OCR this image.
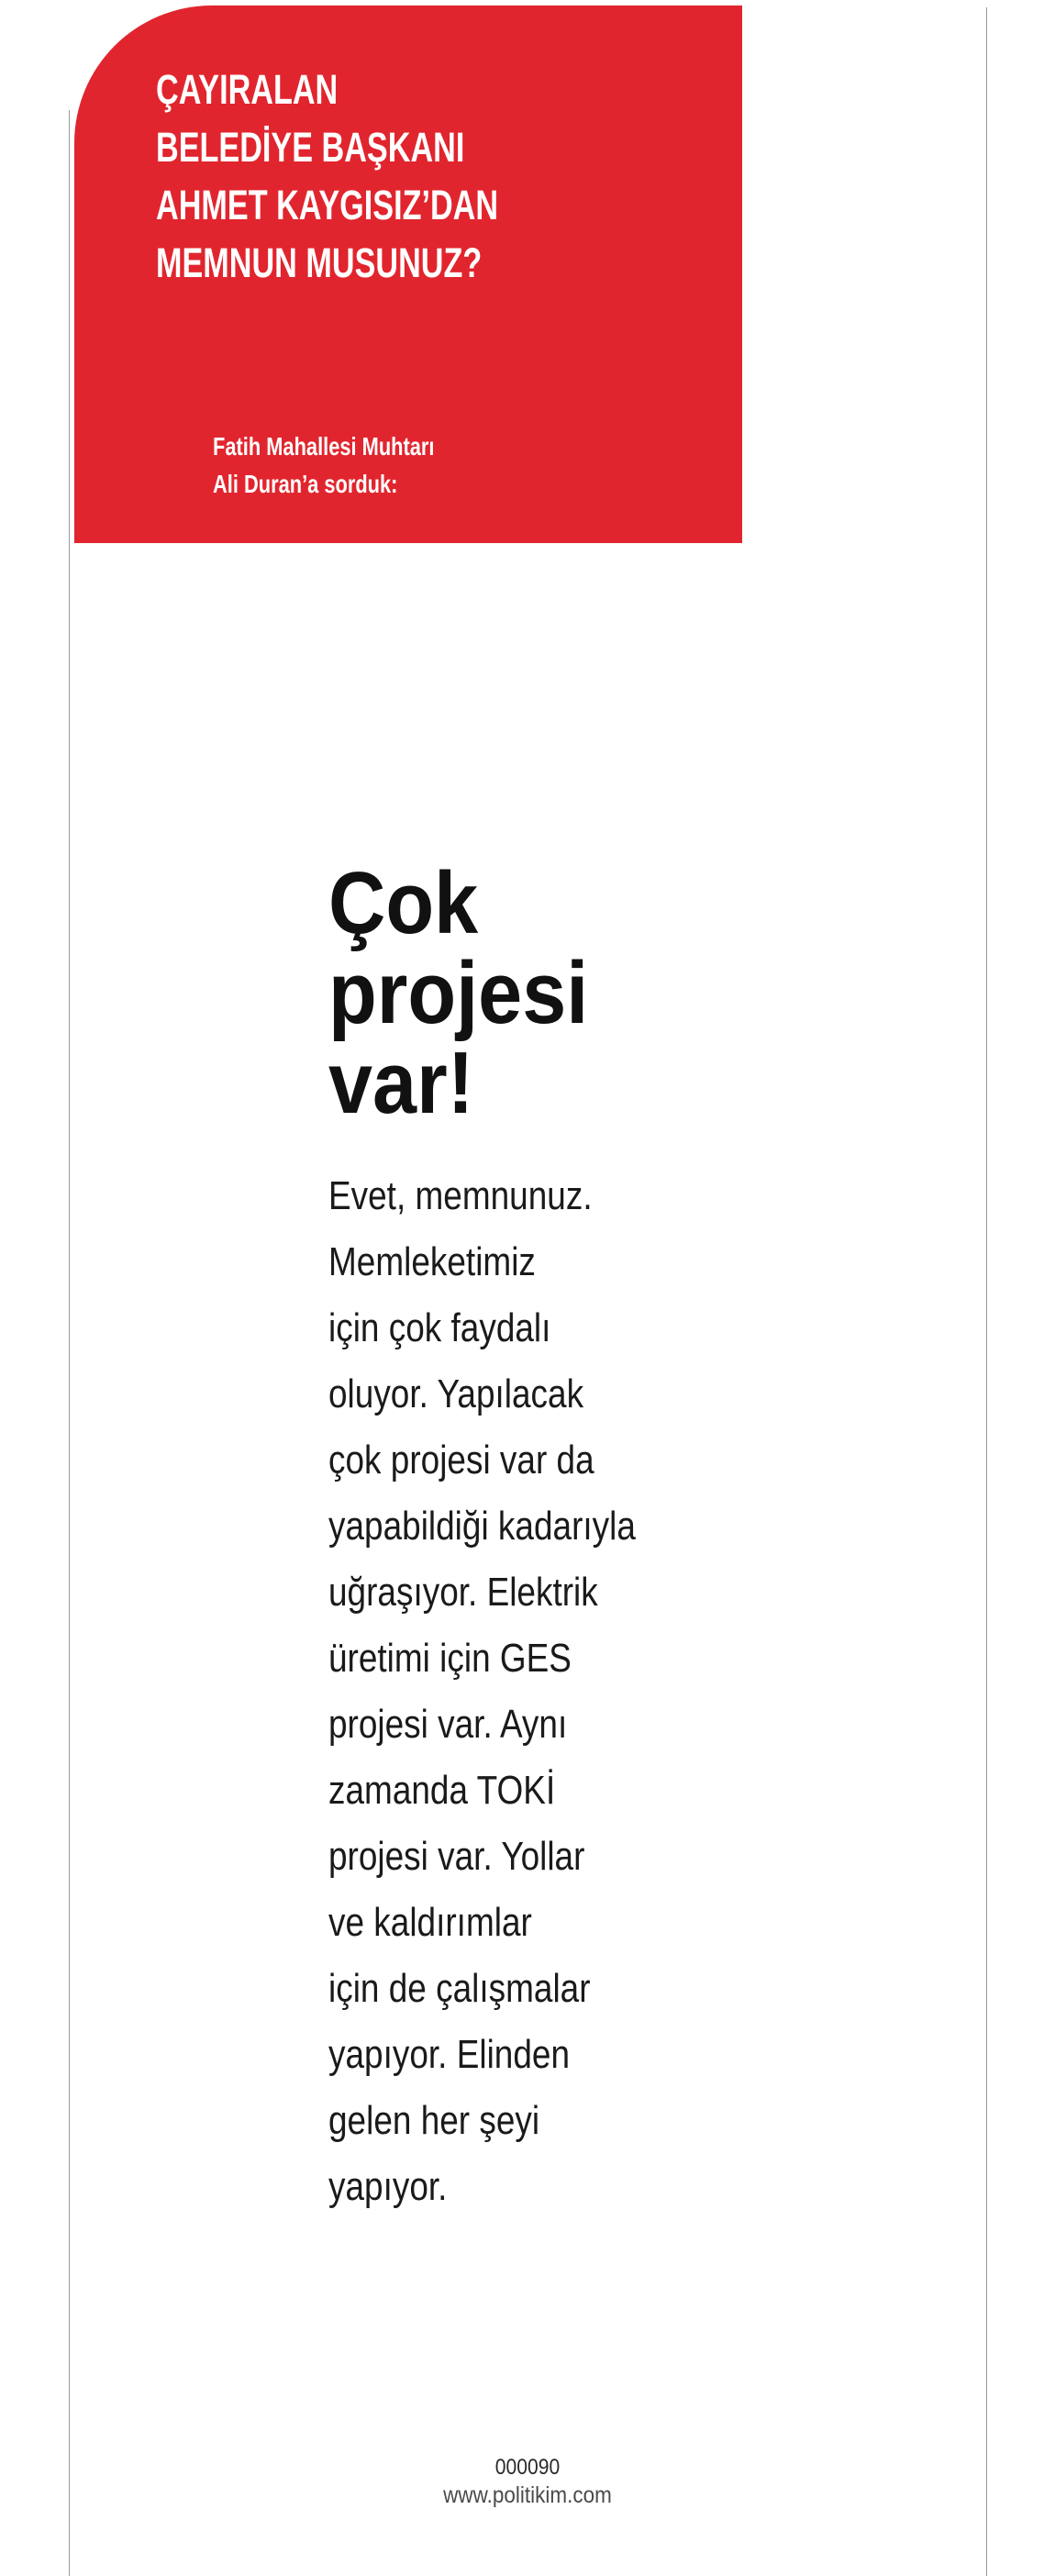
ÇAYIRALAN
BELEDİYE BAŞKANI
AHMET KAYGISIZ’DAN
MEMNUN MUSUNUZ?

Fatih Mahallesi Muhtarı
Ali Duran’a sorduk:

Çok
projesi
var!

Evet, memnunuz.
Memleketimiz
için çok faydalı
oluyor. Yapılacak
çok projesi var da
yapabildiği kadarıyla
uğraşıyor. Elektrik
üretimi için GES
projesi var. Aynı
zamanda TOKİ
projesi var. Yollar
ve kaldırımlar
için de çalışmalar
yapıyor. Elinden
gelen her şeyi
yapıyor.

000090
www.politikim.com
